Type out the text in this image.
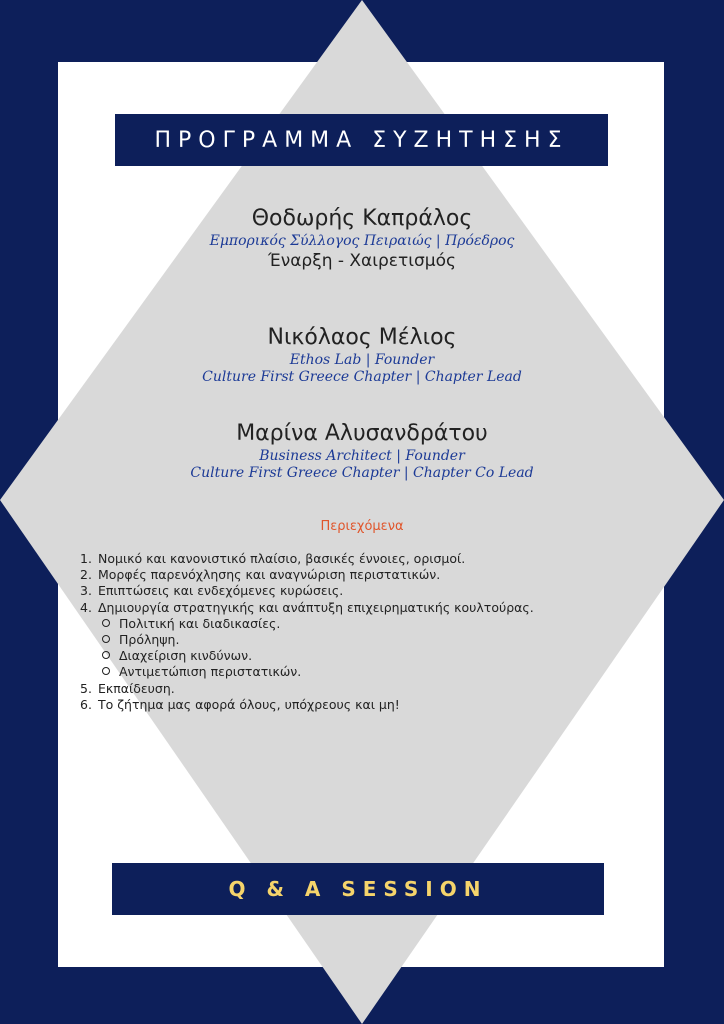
ΠΡΟΓΡΑΜΜΑ ΣΥΖΗΤΗΣΗΣ
Θοδωρής Καπράλος
Εμπορικός Σύλλογος Πειραιώς | Πρόεδρος
Έναρξη - Χαιρετισμός
Νικόλαος Μέλιος
Ethos Lab | Founder
Culture First Greece Chapter | Chapter Lead
Μαρίνα Αλυσανδράτου
Business Architect | Founder
Culture First Greece Chapter | Chapter Co Lead
Περιεχόμενα
1. Νομικό και κανονιστικό πλαίσιο, βασικές έννοιες, ορισμοί.
2. Μορφές παρενόχλησης και αναγνώριση περιστατικών.
3. Επιπτώσεις και ενδεχόμενες κυρώσεις.
4. Δημιουργία στρατηγικής και ανάπτυξη επιχειρηματικής κουλτούρας.
Πολιτική και διαδικασίες.
Πρόληψη.
Διαχείριση κινδύνων.
Αντιμετώπιση περιστατικών.
5. Εκπαίδευση.
6. Το ζήτημα μας αφορά όλους, υπόχρεους και μη!
Q & A SESSION
